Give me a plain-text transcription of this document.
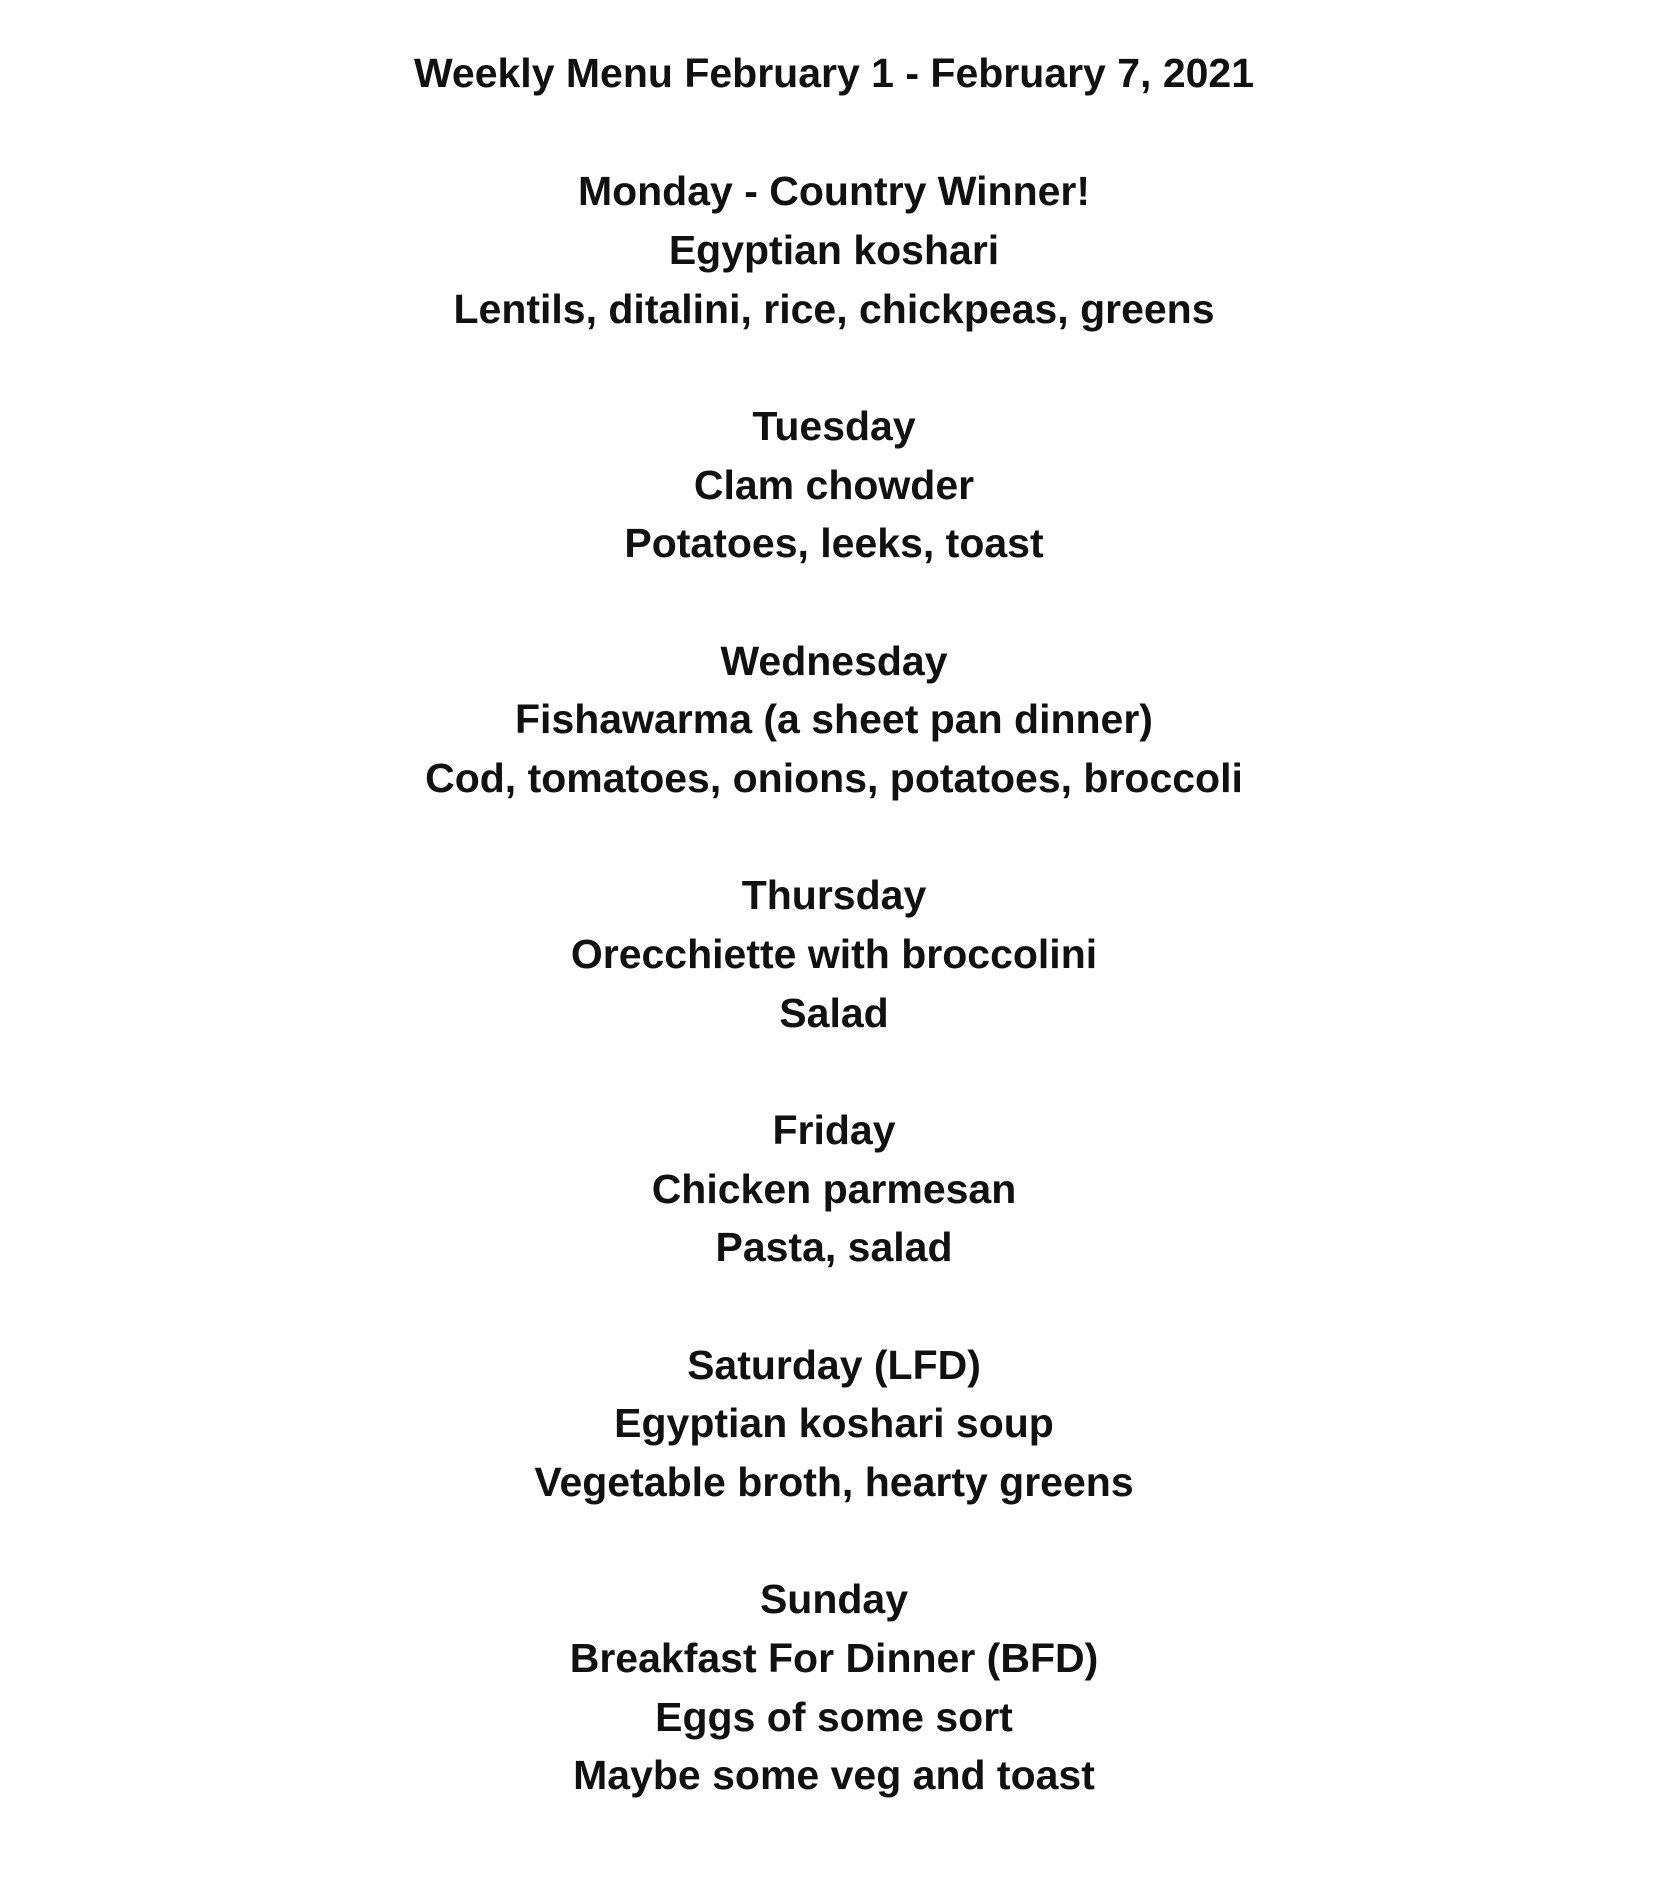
Weekly Menu February 1 - February 7, 2021
Monday - Country Winner!
Egyptian koshari
Lentils, ditalini, rice, chickpeas, greens
Tuesday
Clam chowder
Potatoes, leeks, toast
Wednesday
Fishawarma (a sheet pan dinner)
Cod, tomatoes, onions, potatoes, broccoli
Thursday
Orecchiette with broccolini
Salad
Friday
Chicken parmesan
Pasta, salad
Saturday (LFD)
Egyptian koshari soup
Vegetable broth, hearty greens
Sunday
Breakfast For Dinner (BFD)
Eggs of some sort
Maybe some veg and toast
